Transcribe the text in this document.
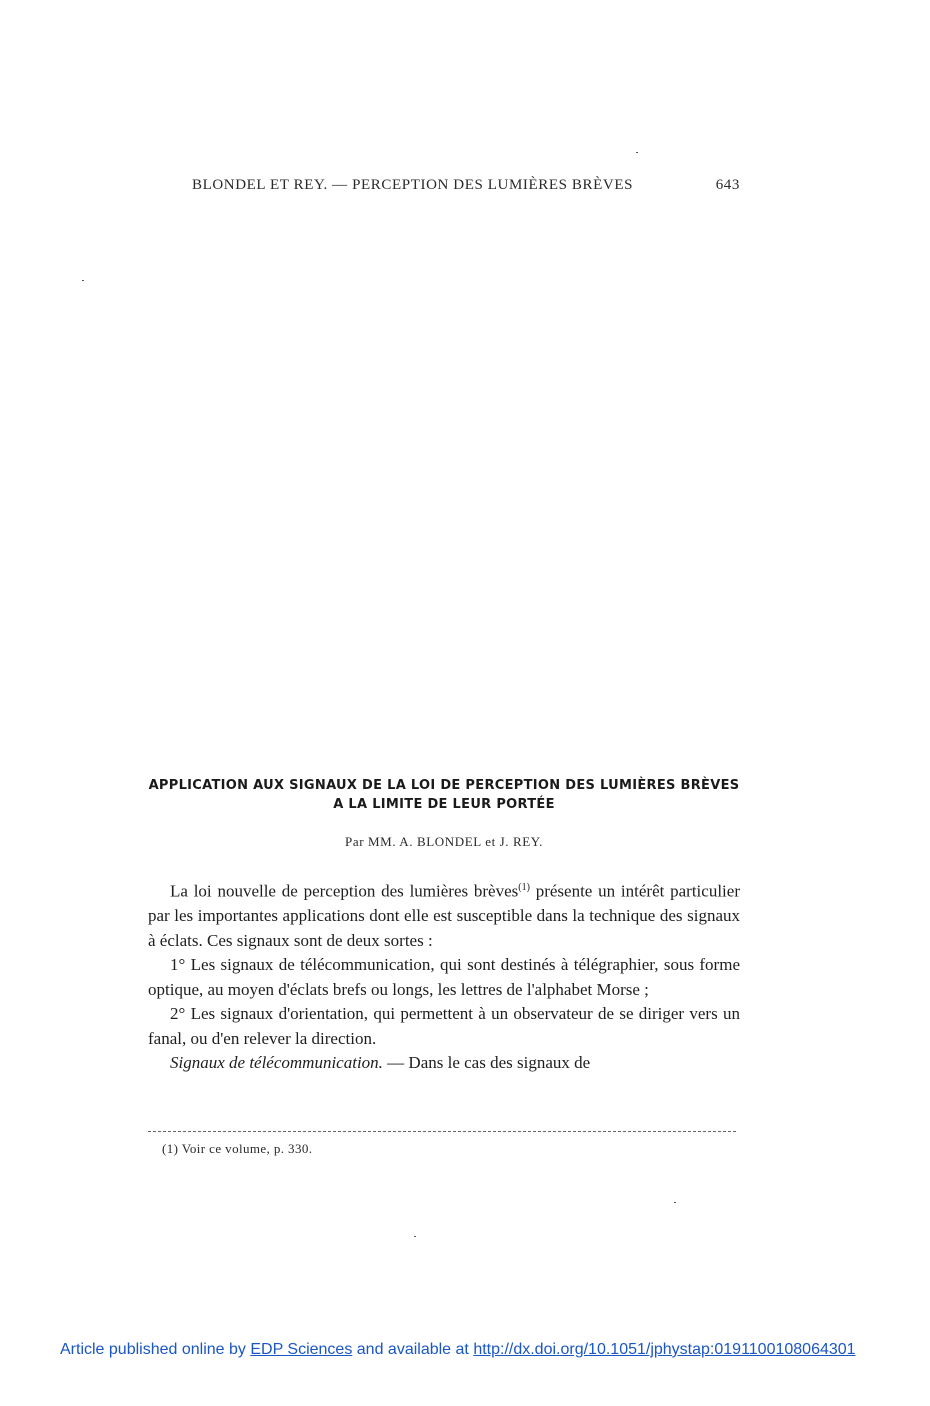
BLONDEL ET REY. — PERCEPTION DES LUMIÈRES BRÈVES	643
APPLICATION AUX SIGNAUX DE LA LOI DE PERCEPTION DES LUMIÈRES BRÈVES
A LA LIMITE DE LEUR PORTÉE
Par MM. A. BLONDEL et J. REY.

La loi nouvelle de perception des lumières brèves$^{(1)}$ présente un intérêt particulier par les importantes applications dont elle est susceptible dans la technique des signaux à éclats. Ces signaux sont de deux sortes :

1° Les signaux de télécommunication, qui sont destinés à télégraphier, sous forme optique, au moyen d'éclats brefs ou longs, les lettres de l'alphabet Morse ;

2° Les signaux d'orientation, qui permettent à un observateur de se diriger vers un fanal, ou d'en relever la direction.

Signaux de télécommunication. — Dans le cas des signaux de

(1) Voir ce volume, p. 330.
Article published online by EDP Sciences and available at http://dx.doi.org/10.1051/jphystap:0191100108064301
